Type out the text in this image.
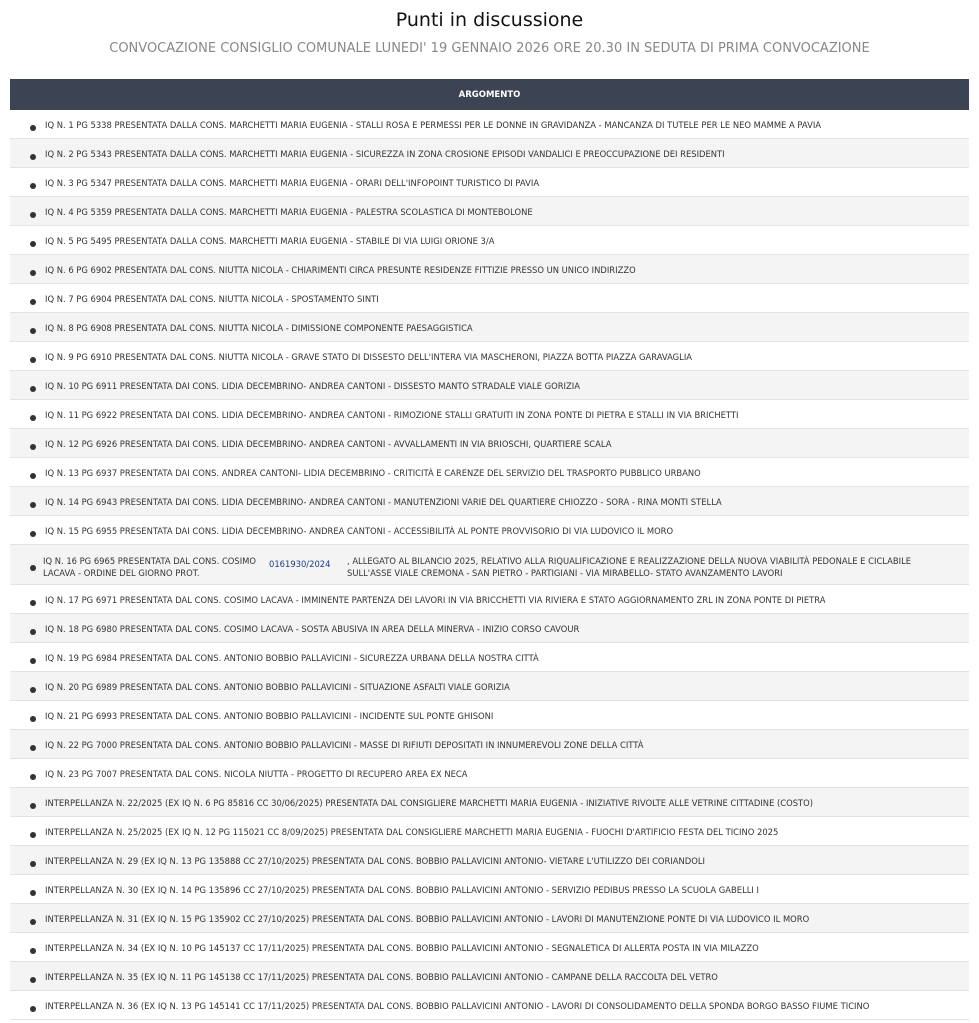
Punti in discussione
CONVOCAZIONE CONSIGLIO COMUNALE LUNEDI' 19 GENNAIO 2026 ORE 20.30 IN SEDUTA DI PRIMA CONVOCAZIONE
ARGOMENTO
IQ N. 1 PG 5338 PRESENTATA DALLA CONS. MARCHETTI MARIA EUGENIA - STALLI ROSA E PERMESSI PER LE DONNE IN GRAVIDANZA - MANCANZA DI TUTELE PER LE NEO MAMME A PAVIA
IQ N. 2 PG 5343 PRESENTATA DALLA CONS. MARCHETTI MARIA EUGENIA - SICUREZZA IN ZONA CROSIONE EPISODI VANDALICI E PREOCCUPAZIONE DEI RESIDENTI
IQ N. 3 PG 5347 PRESENTATA DALLA CONS. MARCHETTI MARIA EUGENIA - ORARI DELL'INFOPOINT TURISTICO DI PAVIA
IQ N. 4 PG 5359 PRESENTATA DALLA CONS. MARCHETTI MARIA EUGENIA - PALESTRA SCOLASTICA DI MONTEBOLONE
IQ N. 5 PG 5495 PRESENTATA DALLA CONS. MARCHETTI MARIA EUGENIA - STABILE DI VIA LUIGI ORIONE 3/A
IQ N. 6 PG 6902 PRESENTATA DAL CONS. NIUTTA NICOLA - CHIARIMENTI CIRCA PRESUNTE RESIDENZE FITTIZIE PRESSO UN UNICO INDIRIZZO
IQ N. 7 PG 6904 PRESENTATA DAL CONS. NIUTTA NICOLA - SPOSTAMENTO SINTI
IQ N. 8 PG 6908 PRESENTATA DAL CONS. NIUTTA NICOLA - DIMISSIONE COMPONENTE PAESAGGISTICA
IQ N. 9 PG 6910 PRESENTATA DAL CONS. NIUTTA NICOLA - GRAVE STATO DI DISSESTO DELL'INTERA VIA MASCHERONI, PIAZZA BOTTA PIAZZA GARAVAGLIA
IQ N. 10 PG 6911 PRESENTATA DAI CONS. LIDIA DECEMBRINO- ANDREA CANTONI - DISSESTO MANTO STRADALE VIALE GORIZIA
IQ N. 11 PG 6922 PRESENTATA DAI CONS. LIDIA DECEMBRINO- ANDREA CANTONI - RIMOZIONE STALLI GRATUITI IN ZONA PONTE DI PIETRA E STALLI IN VIA BRICHETTI
IQ N. 12 PG 6926 PRESENTATA DAI CONS. LIDIA DECEMBRINO- ANDREA CANTONI - AVVALLAMENTI IN VIA BRIOSCHI, QUARTIERE SCALA
IQ N. 13 PG 6937 PRESENTATA DAI CONS. ANDREA CANTONI- LIDIA DECEMBRINO - CRITICITÀ E CARENZE DEL SERVIZIO DEL TRASPORTO PUBBLICO URBANO
IQ N. 14 PG 6943 PRESENTATA DAI CONS. LIDIA DECEMBRINO- ANDREA CANTONI - MANUTENZIONI VARIE DEL QUARTIERE CHIOZZO - SORA - RINA MONTI STELLA
IQ N. 15 PG 6955 PRESENTATA DAI CONS. LIDIA DECEMBRINO- ANDREA CANTONI - ACCESSIBILITÀ AL PONTE PROVVISORIO DI VIA LUDOVICO IL MORO
IQ N. 16 PG 6965 PRESENTATA DAL CONS. COSIMO
LACAVA - ORDINE DEL GIORNO PROT.
0161930/2024 , ALLEGATO AL BILANCIO 2025, RELATIVO ALLA RIQUALIFICAZIONE E REALIZZAZIONE DELLA NUOVA VIABILITÀ PEDONALE E CICLABILE
SULL'ASSE VIALE CREMONA - SAN PIETRO - PARTIGIANI - VIA MIRABELLO- STATO AVANZAMENTO LAVORI
IQ N. 17 PG 6971 PRESENTATA DAL CONS. COSIMO LACAVA - IMMINENTE PARTENZA DEI LAVORI IN VIA BRICCHETTI VIA RIVIERA E STATO AGGIORNAMENTO ZRL IN ZONA PONTE DI PIETRA
IQ N. 18 PG 6980 PRESENTATA DAL CONS. COSIMO LACAVA - SOSTA ABUSIVA IN AREA DELLA MINERVA - INIZIO CORSO CAVOUR
IQ N. 19 PG 6984 PRESENTATA DAL CONS. ANTONIO BOBBIO PALLAVICINI - SICUREZZA URBANA DELLA NOSTRA CITTÀ
IQ N. 20 PG 6989 PRESENTATA DAL CONS. ANTONIO BOBBIO PALLAVICINI - SITUAZIONE ASFALTI VIALE GORIZIA
IQ N. 21 PG 6993 PRESENTATA DAL CONS. ANTONIO BOBBIO PALLAVICINI - INCIDENTE SUL PONTE GHISONI
IQ N. 22 PG 7000 PRESENTATA DAL CONS. ANTONIO BOBBIO PALLAVICINI - MASSE DI RIFIUTI DEPOSITATI IN INNUMEREVOLI ZONE DELLA CITTÀ
IQ N. 23 PG 7007 PRESENTATA DAL CONS. NICOLA NIUTTA - PROGETTO DI RECUPERO AREA EX NECA
INTERPELLANZA N. 22/2025 (EX IQ N. 6 PG 85816 CC 30/06/2025) PRESENTATA DAL CONSIGLIERE MARCHETTI MARIA EUGENIA - INIZIATIVE RIVOLTE ALLE VETRINE CITTADINE (COSTO)
INTERPELLANZA N. 25/2025 (EX IQ N. 12 PG 115021 CC 8/09/2025) PRESENTATA DAL CONSIGLIERE MARCHETTI MARIA EUGENIA - FUOCHI D'ARTIFICIO FESTA DEL TICINO 2025
INTERPELLANZA N. 29 (EX IQ N. 13 PG 135888 CC 27/10/2025) PRESENTATA DAL CONS. BOBBIO PALLAVICINI ANTONIO- VIETARE L'UTILIZZO DEI CORIANDOLI
INTERPELLANZA N. 30 (EX IQ N. 14 PG 135896 CC 27/10/2025) PRESENTATA DAL CONS. BOBBIO PALLAVICINI ANTONIO - SERVIZIO PEDIBUS PRESSO LA SCUOLA GABELLI I
INTERPELLANZA N. 31 (EX IQ N. 15 PG 135902 CC 27/10/2025) PRESENTATA DAL CONS. BOBBIO PALLAVICINI ANTONIO - LAVORI DI MANUTENZIONE PONTE DI VIA LUDOVICO IL MORO
INTERPELLANZA N. 34 (EX IQ N. 10 PG 145137 CC 17/11/2025) PRESENTATA DAL CONS. BOBBIO PALLAVICINI ANTONIO - SEGNALETICA DI ALLERTA POSTA IN VIA MILAZZO
INTERPELLANZA N. 35 (EX IQ N. 11 PG 145138 CC 17/11/2025) PRESENTATA DAL CONS. BOBBIO PALLAVICINI ANTONIO - CAMPANE DELLA RACCOLTA DEL VETRO
INTERPELLANZA N. 36 (EX IQ N. 13 PG 145141 CC 17/11/2025) PRESENTATA DAL CONS. BOBBIO PALLAVICINI ANTONIO - LAVORI DI CONSOLIDAMENTO DELLA SPONDA BORGO BASSO FIUME TICINO
